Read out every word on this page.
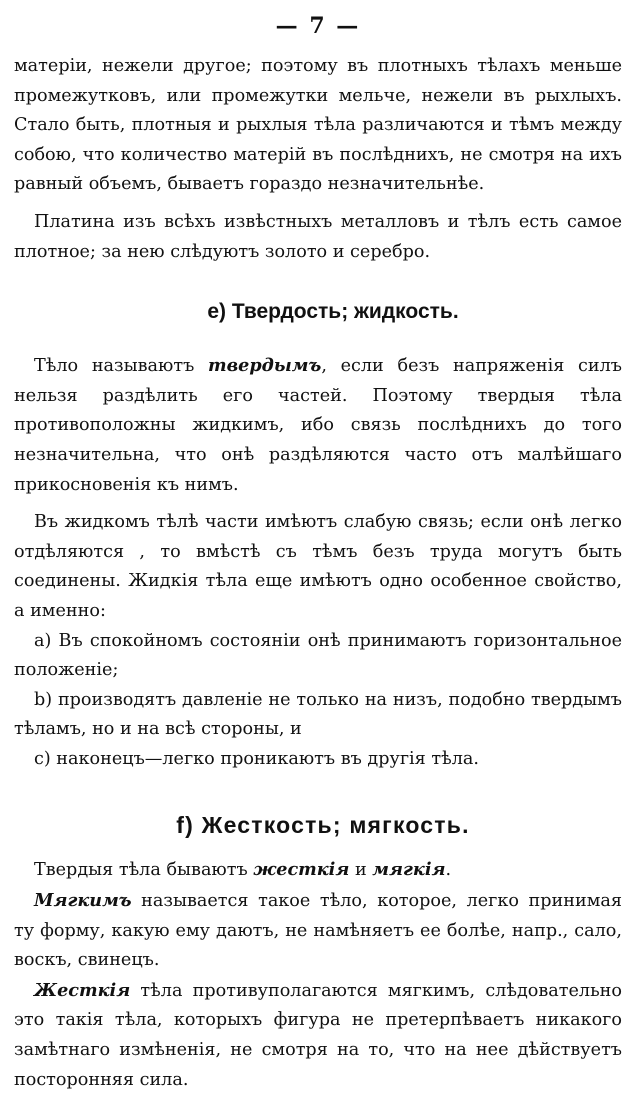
— 7 —

матеріи, нежели другое; поэтому въ плотныхъ тѣлахъ меньше промежутковъ, или промежутки мельче, нежели въ рыхлыхъ. Стало быть, плотныя и рыхлыя тѣла различаются и тѣмъ между собою, что количество матерій въ послѣднихъ, не смотря на ихъ равный объемъ, бываетъ гораздо незначительнѣе.

Платина изъ всѣхъ извѣстныхъ металловъ и тѣлъ есть самое плотное; за нею слѣдуютъ золото и серебро.

е) Твердость; жидкость.

Тѣло называютъ твердымъ, если безъ напряженія силъ нельзя раздѣлить его частей. Поэтому твердыя тѣла противоположны жидкимъ, ибо связь послѣднихъ до того незначительна, что онѣ раздѣляются часто отъ малѣйшаго прикосновенія къ нимъ.

Въ жидкомъ тѣлѣ части имѣютъ слабую связь; если онѣ легко отдѣляются , то вмѣстѣ съ тѣмъ безъ труда могутъ быть соединены. Жидкія тѣла еще имѣютъ одно особенное свойство, а именно:

а) Въ спокойномъ состояніи онѣ принимаютъ горизонтальное положеніе;

b) производятъ давленіе не только на низъ, подобно твердымъ тѣламъ, но и на всѣ стороны, и

c) наконецъ—легко проникаютъ въ другія тѣла.

f) Жесткость; мягкость.

Твердыя тѣла бываютъ жесткія и мягкія.

Мягкимъ называется такое тѣло, которое, легко принимая ту форму, какую ему даютъ, не намѣняетъ ее болѣе, напр., сало, воскъ, свинецъ.

Жесткія тѣла противуполагаются мягкимъ, слѣдовательно это такія тѣла, которыхъ фигура не претерпѣваетъ никакого замѣтнаго измѣненія, не смотря на то, что на нее дѣйствуетъ посторонняя сила.
